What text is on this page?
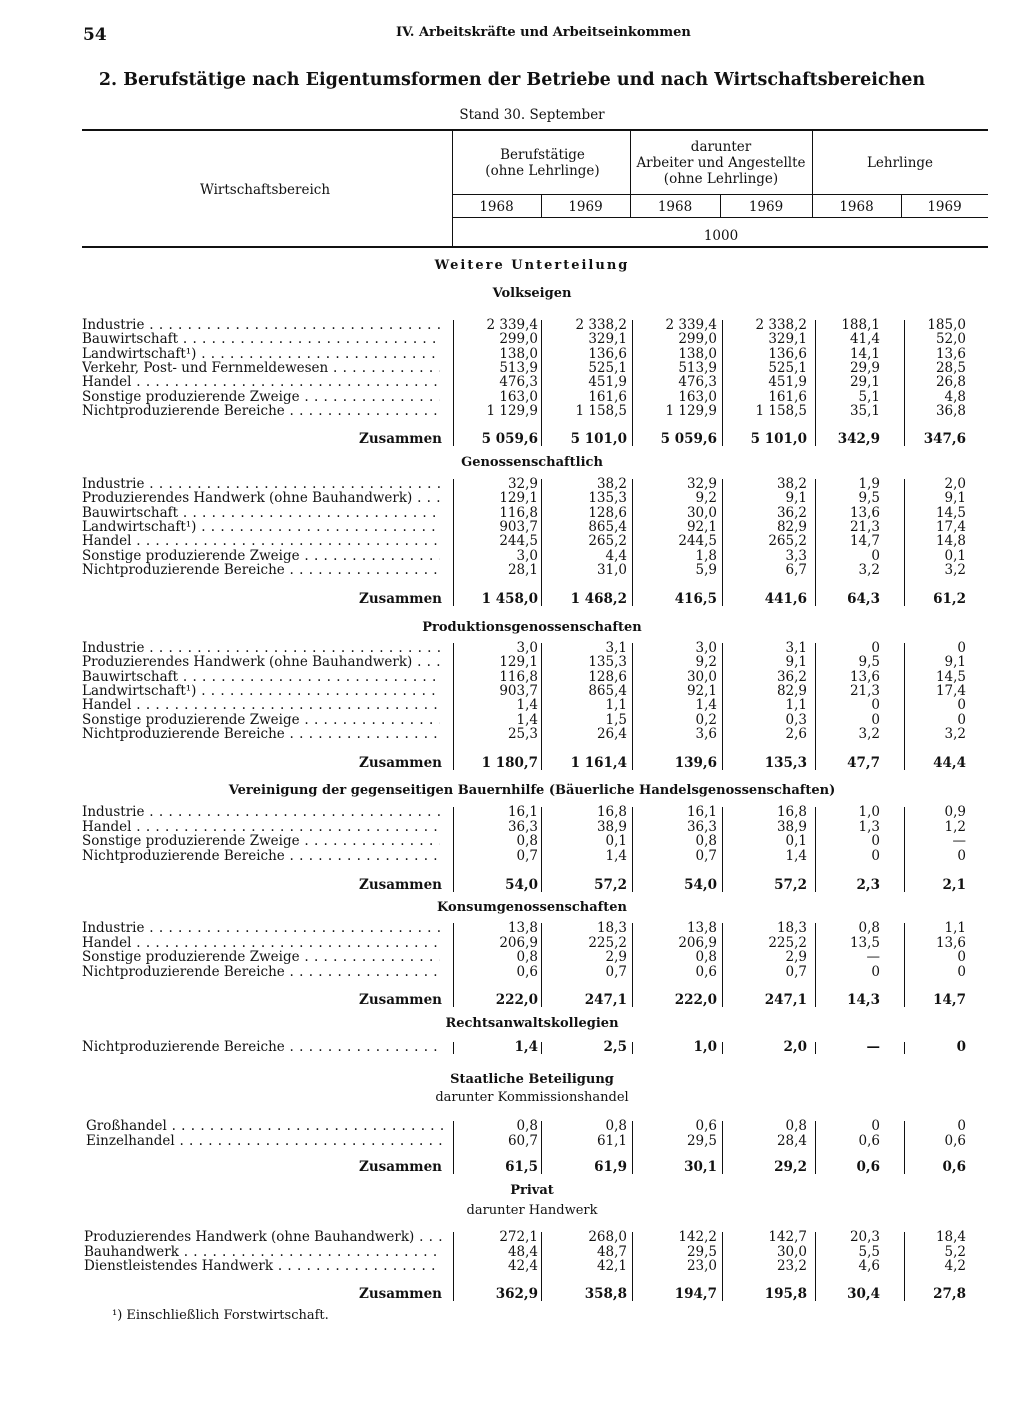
54	IV. Arbeitskräfte und Arbeitseinkommen
2. Berufstätige nach Eigentumsformen der Betriebe und nach Wirtschaftsbereichen
Stand 30. September
Wirtschaftsbereich
Berufstätige
(ohne Lehrlinge)
darunter
Arbeiter und Angestellte
(ohne Lehrlinge)
Lehrlinge
1968	1969	1968	1969	1968	1969
1000
Weitere Unterteilung
Volkseigen
Genossenschaftlich
Produktionsgenossenschaften
Vereinigung der gegenseitigen Bauernhilfe (Bäuerliche Handelsgenossenschaften)
Konsumgenossenschaften
Rechtsanwaltskollegien
Staatliche Beteiligung
darunter Kommissionshandel
Privat
darunter Handwerk
¹) Einschließlich Forstwirtschaft.
Industrie . . .	2 339,4	2 338,2	2 339,4	2 338,2	188,1	185,0
Bauwirtschaft . . .	299,0	329,1	299,0	329,1	41,4	52,0
Landwirtschaft¹) . . .	138,0	136,6	138,0	136,6	14,1	13,6
Verkehr, Post- und Fernmeldewesen . . .	513,9	525,1	513,9	525,1	29,9	28,5
Handel . . .	476,3	451,9	476,3	451,9	29,1	26,8
Sonstige produzierende Zweige . . .	163,0	161,6	163,0	161,6	5,1	4,8
Nichtproduzierende Bereiche . . .	1 129,9	1 158,5	1 129,9	1 158,5	35,1	36,8
Zusammen	5 059,6	5 101,0	5 059,6	5 101,0	342,9	347,6
Industrie . . .	32,9	38,2	32,9	38,2	1,9	2,0
Produzierendes Handwerk (ohne Bauhandwerk) . . .	129,1	135,3	9,2	9,1	9,5	9,1
Bauwirtschaft . . .	116,8	128,6	30,0	36,2	13,6	14,5
Landwirtschaft¹) . . .	903,7	865,4	92,1	82,9	21,3	17,4
Handel . . .	244,5	265,2	244,5	265,2	14,7	14,8
Sonstige produzierende Zweige . . .	3,0	4,4	1,8	3,3	0	0,1
Nichtproduzierende Bereiche . . .	28,1	31,0	5,9	6,7	3,2	3,2
Zusammen	1 458,0	1 468,2	416,5	441,6	64,3	61,2
Industrie . . .	3,0	3,1	3,0	3,1	0	0
Produzierendes Handwerk (ohne Bauhandwerk) . . .	129,1	135,3	9,2	9,1	9,5	9,1
Bauwirtschaft . . .	116,8	128,6	30,0	36,2	13,6	14,5
Landwirtschaft¹) . . .	903,7	865,4	92,1	82,9	21,3	17,4
Handel . . .	1,4	1,1	1,4	1,1	0	0
Sonstige produzierende Zweige . . .	1,4	1,5	0,2	0,3	0	0
Nichtproduzierende Bereiche . . .	25,3	26,4	3,6	2,6	3,2	3,2
Zusammen	1 180,7	1 161,4	139,6	135,3	47,7	44,4
Industrie . . .	16,1	16,8	16,1	16,8	1,0	0,9
Handel . . .	36,3	38,9	36,3	38,9	1,3	1,2
Sonstige produzierende Zweige . . .	0,8	0,1	0,8	0,1	0	—
Nichtproduzierende Bereiche . . .	0,7	1,4	0,7	1,4	0	0
Zusammen	54,0	57,2	54,0	57,2	2,3	2,1
Industrie . . .	13,8	18,3	13,8	18,3	0,8	1,1
Handel . . .	206,9	225,2	206,9	225,2	13,5	13,6
Sonstige produzierende Zweige . . .	0,8	2,9	0,8	2,9	—	0
Nichtproduzierende Bereiche . . .	0,6	0,7	0,6	0,7	0	0
Zusammen	222,0	247,1	222,0	247,1	14,3	14,7
Nichtproduzierende Bereiche . . .	1,4	2,5	1,0	2,0	—	0
Großhandel . . .	0,8	0,8	0,6	0,8	0	0
Einzelhandel . . .	60,7	61,1	29,5	28,4	0,6	0,6
Zusammen	61,5	61,9	30,1	29,2	0,6	0,6
Produzierendes Handwerk (ohne Bauhandwerk) . . .	272,1	268,0	142,2	142,7	20,3	18,4
Bauhandwerk . . .	48,4	48,7	29,5	30,0	5,5	5,2
Dienstleistendes Handwerk . . .	42,4	42,1	23,0	23,2	4,6	4,2
Zusammen	362,9	358,8	194,7	195,8	30,4	27,8
